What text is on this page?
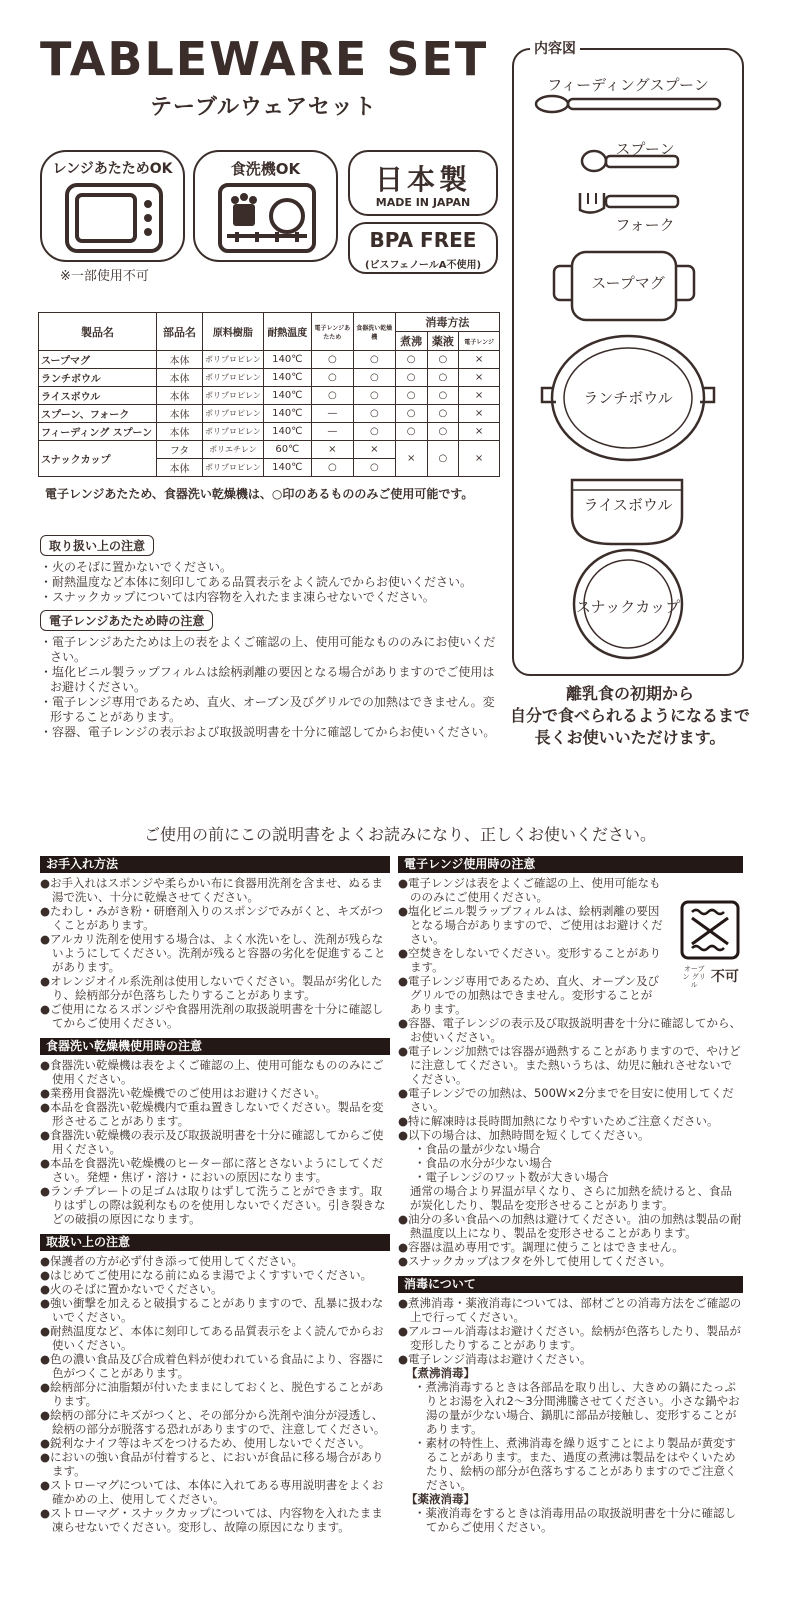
TABLEWARE SET
テーブルウェアセット
レンジあたためOK
※一部使用不可
食洗機OK	日本製
MADE IN JAPAN
BPA FREE
(ビスフェノールA不使用)
製品名	部品名	原料樹脂	耐熱温度	電子レンジあたため	食器洗い乾燥機	消毒方法		
						煮沸	薬液	電子レンジ
スープマグ	本体	ポリプロピレン	140℃	○	○	○	○	×
ランチボウル	本体	ポリプロピレン	140℃	○	○	○	○	×
ライスボウル	本体	ポリプロピレン	140℃	○	○	○	○	×
スプーン、フォーク	本体	ポリプロピレン	140℃	—	○	○	○	×
フィーディング スプーン	本体	ポリプロピレン	140℃	—	○	○	○	×
スナックカップ	フタ	ポリエチレン	60℃	×	×	×	○	×
	本体	ポリプロピレン	140℃	○	○			
電子レンジあたため、食器洗い乾燥機は、○印のあるもののみご使用可能です。
取り扱い上の注意
・火のそばに置かないでください。
・耐熱温度など本体に刻印してある品質表示をよく読んでからお使いください。
・スナックカップについては内容物を入れたまま凍らせないでください。
電子レンジあたため時の注意
・電子レンジあたためは上の表をよくご確認の上、使用可能なもののみにお使いください。
・塩化ビニル製ラップフィルムは絵柄剥離の要因となる場合がありますのでご使用はお避けください。
・電子レンジ専用であるため、直火、オーブン及びグリルでの加熱はできません。変形することがあります。
・容器、電子レンジの表示および取扱説明書を十分に確認してからお使いください。
内容図
フィーディングスプーン
スプーン
フォーク
スープマグ
ランチボウル
ライスボウル
スナックカップ
離乳食の初期から
自分で食べられるようになるまで
長くお使いいただけます。
ご使用の前にこの説明書をよくお読みになり、正しくお使いください。
お手入れ方法
●お手入れはスポンジや柔らかい布に食器用洗剤を含ませ、ぬるま湯で洗い、十分に乾燥させてください。
●たわし・みがき粉・研磨剤入りのスポンジでみがくと、キズがつくことがあります。
●アルカリ洗剤を使用する場合は、よく水洗いをし、洗剤が残らないようにしてください。洗剤が残ると容器の劣化を促進することがあります。
●オレンジオイル系洗剤は使用しないでください。製品が劣化したり、絵柄部分が色落ちしたりすることがあります。
●ご使用になるスポンジや食器用洗剤の取扱説明書を十分に確認してからご使用ください。
食器洗い乾燥機使用時の注意
●食器洗い乾燥機は表をよくご確認の上、使用可能なもののみにご使用ください。
●業務用食器洗い乾燥機でのご使用はお避けください。
●本品を食器洗い乾燥機内で重ね置きしないでください。製品を変形させることがあります。
●食器洗い乾燥機の表示及び取扱説明書を十分に確認してからご使用ください。
●本品を食器洗い乾燥機のヒーター部に落とさないようにしてください。発煙・焦げ・溶け・においの原因になります。
●ランチプレートの足ゴムは取りはずして洗うことができます。取りはずしの際は鋭利なものを使用しないでください。引き裂きなどの破損の原因になります。
取扱い上の注意
●保護者の方が必ず付き添って使用してください。
●はじめてご使用になる前にぬるま湯でよくすすいでください。
●火のそばに置かないでください。
●強い衝撃を加えると破損することがありますので、乱暴に扱わないでください。
●耐熱温度など、本体に刻印してある品質表示をよく読んでからお使いください。
●色の濃い食品及び合成着色料が使われている食品により、容器に色がつくことがあります。
●絵柄部分に油脂類が付いたままにしておくと、脱色することがあります。
●絵柄の部分にキズがつくと、その部分から洗剤や油分が浸透し、絵柄の部分が脱落する恐れがありますので、注意してください。
●鋭利なナイフ等はキズをつけるため、使用しないでください。
●においの強い食品が付着すると、においが食品に移る場合があります。
●ストローマグについては、本体に入れてある専用説明書をよくお確かめの上、使用してください。
●ストローマグ・スナックカップについては、内容物を入れたまま凍らせないでください。変形し、故障の原因になります。
電子レンジ使用時の注意
オーブン グリル 不可
●電子レンジは表をよくご確認の上、使用可能なもののみにご使用ください。
●塩化ビニル製ラップフィルムは、絵柄剥離の要因となる場合がありますので、ご使用はお避けください。
●空焚きをしないでください。変形することがあります。
●電子レンジ専用であるため、直火、オーブン及びグリルでの加熱はできません。変形することがあります。
●容器、電子レンジの表示及び取扱説明書を十分に確認してから、お使いください。
●電子レンジ加熱では容器が過熱することがありますので、やけどに注意してください。また熱いうちは、幼児に触れさせないでください。
●電子レンジでの加熱は、500W×2分までを目安に使用してください。
●特に解凍時は長時間加熱になりやすいためご注意ください。
●以下の場合は、加熱時間を短くしてください。
・食品の量が少ない場合
・食品の水分が少ない場合
・電子レンジのワット数が大きい場合
通常の場合より昇温が早くなり、さらに加熱を続けると、食品が炭化したり、製品を変形させることがあります。
●油分の多い食品への加熱は避けてください。油の加熱は製品の耐熱温度以上になり、製品を変形させることがあります。
●容器は温め専用です。調理に使うことはできません。
●スナックカップはフタを外して使用してください。
消毒について
●煮沸消毒・薬液消毒については、部材ごとの消毒方法をご確認の上で行ってください。
●アルコール消毒はお避けください。絵柄が色落ちしたり、製品が変形したりすることがあります。
●電子レンジ消毒はお避けください。
【煮沸消毒】
・煮沸消毒するときは各部品を取り出し、大きめの鍋にたっぷりとお湯を入れ2〜3分間沸騰させてください。小さな鍋やお湯の量が少ない場合、鍋肌に部品が接触し、変形することがあります。
・素材の特性上、煮沸消毒を繰り返すことにより製品が黄変することがあります。また、過度の煮沸は製品をはやくいためたり、絵柄の部分が色落ちすることがありますのでご注意ください。
【薬液消毒】
・薬液消毒をするときは消毒用品の取扱説明書を十分に確認してからご使用ください。
